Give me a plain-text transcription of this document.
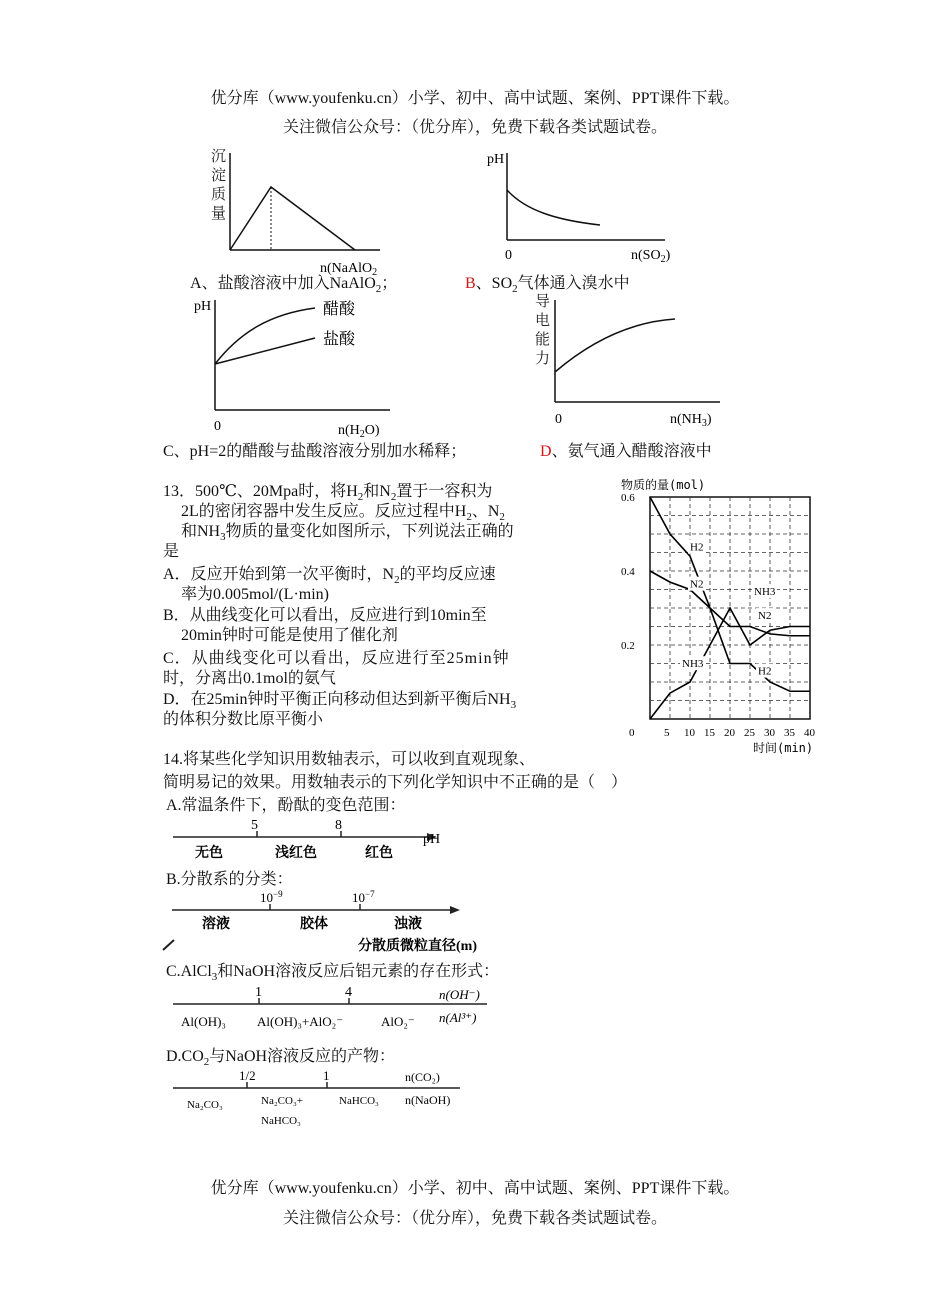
优分库（www.youfenku.cn）小学、初中、高中试题、案例、PPT课件下载。
关注微信公众号：（优分库），免费下载各类试题试卷。
沉
淀
质
量
n(NaAlO$_2$
pH
0	$n(SO_2)$
A、盐酸溶液中加入NaAlO$_2$；	B、$SO_2$气体通入溴水中
pH	醋酸
盐酸
0	$n(H_2O)$
导
电
能
力
0	$n(NH_3)$
C、pH=2的醋酸与盐酸溶液分别加水稀释；	D、氨气通入醋酸溶液中
13．500℃、20Mpa时，将$H_2$和$N_2$置于一容积为
2L的密闭容器中发生反应。反应过程中$H_2$、$N_2$
和$NH_3$物质的量变化如图所示，下列说法正确的
是
A．反应开始到第一次平衡时，$N_2$的平均反应速
率为0.005mol/(L·min)
B．从曲线变化可以看出，反应进行到10min至
20min钟时可能是使用了催化剂
C．从曲线变化可以看出，反应进行至25min钟
时，分离出0.1mol的氨气
D．在25min钟时平衡正向移动但达到新平衡后$NH_3$
的体积分数比原平衡小
物质的量(mol)
0	5 10 15 20 25 30 35 40
0.2
0.4
0.6
H2
N2
NH3
NH3
N2
H2
时间(min)
14.将某些化学知识用数轴表示，可以收到直观现象、
简明易记的效果。用数轴表示的下列化学知识中不正确的是（　）
A.常温条件下，酚酞的变色范围：
5	8
pH
无色	浅红色	红色
B.分散系的分类：
$10^{-9}$	$10^{-7}$
溶液	胶体	浊液
分散质微粒直径(m)
C.AlCl$_3$和NaOH溶液反应后铝元素的存在形式：
1	4	n(OH⁻)
n(Al³⁺)
Al(OH)₃ Al(OH)₃+AlO₂⁻	AlO₂⁻
$D.CO_2$与NaOH溶液反应的产物：
1/2	1	n(CO₂)
n(NaOH)
Na₂CO₃	Na₂CO₃+
NaHCO₃
NaHCO₃
优分库（www.youfenku.cn）小学、初中、高中试题、案例、PPT课件下载。
关注微信公众号：（优分库），免费下载各类试题试卷。
